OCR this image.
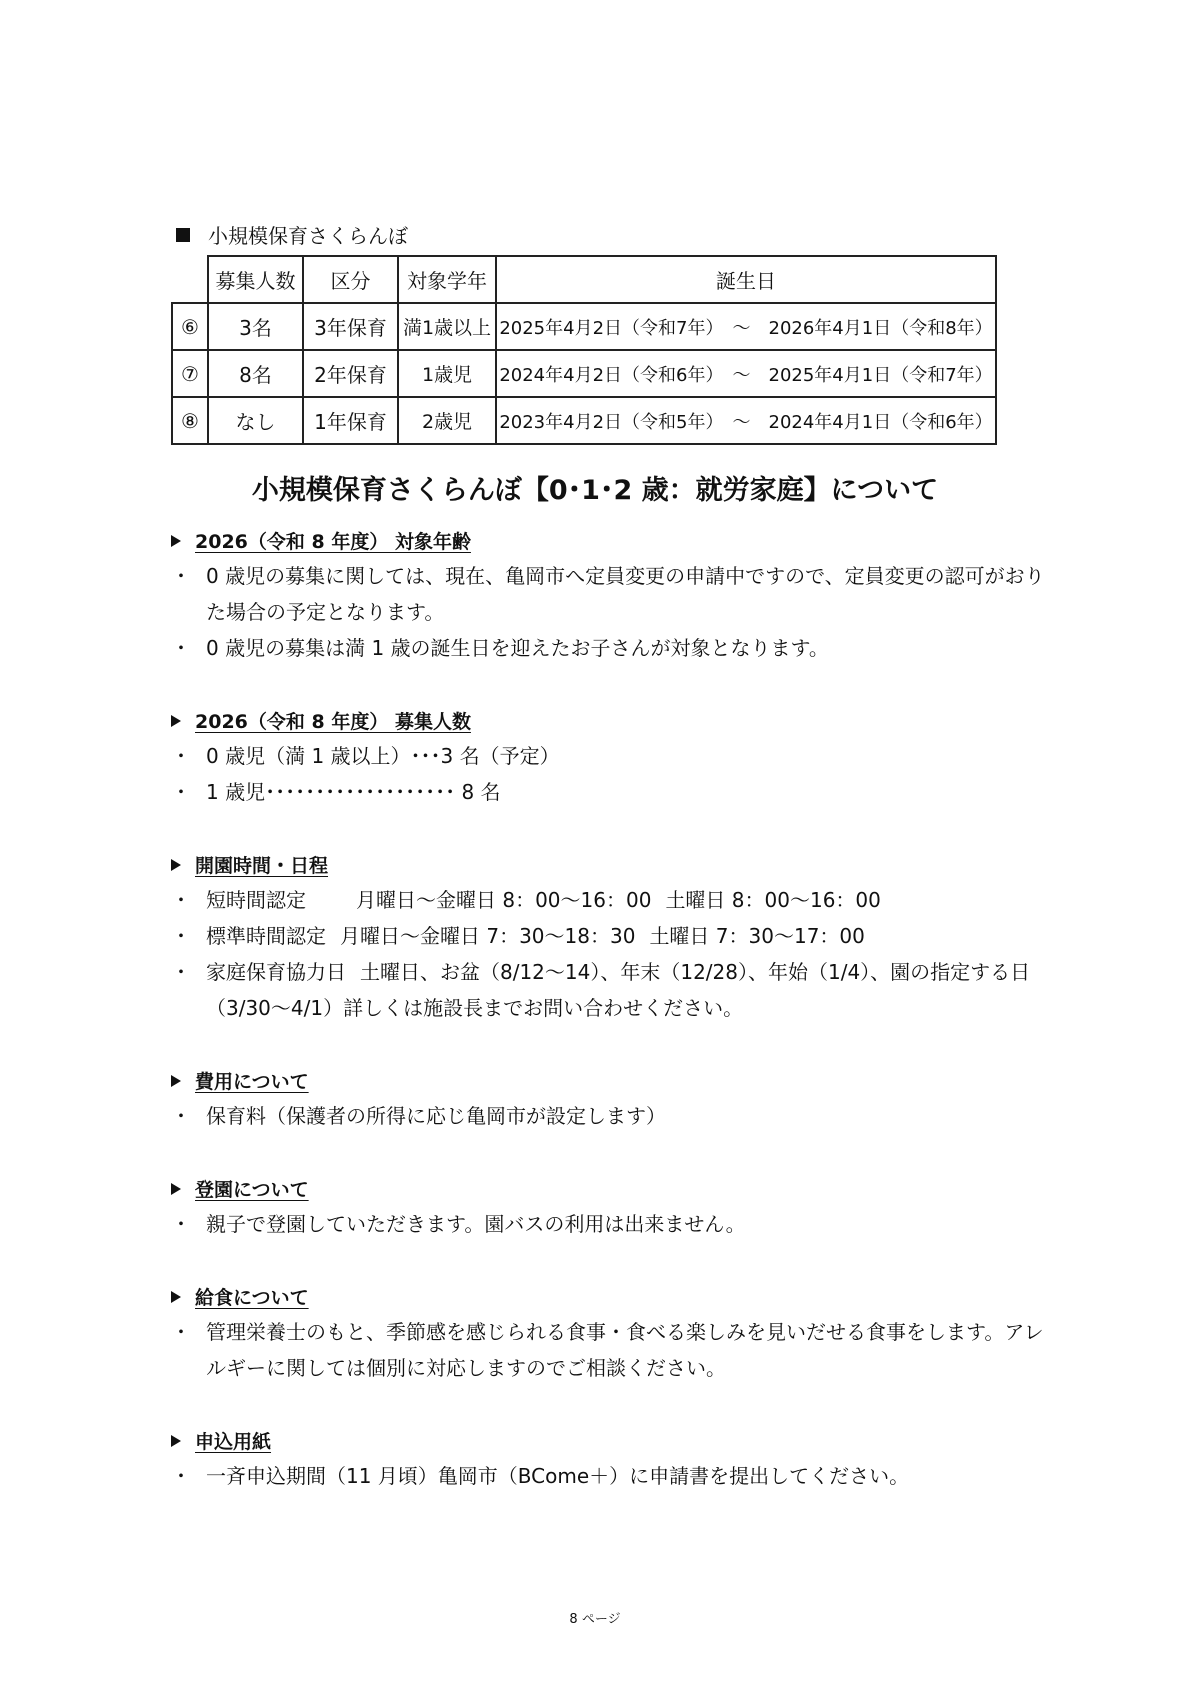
小規模保育さくらんぼ
	募集人数	区分	対象学年	誕生日
⑥	3名	3年保育	満1歳以上	2025年4月2日（令和7年）　～　2026年4月1日（令和8年）
⑦	8名	2年保育	1歳児	2024年4月2日（令和6年）　～　2025年4月1日（令和7年）
⑧	なし	1年保育	2歳児	2023年4月2日（令和5年）　～　2024年4月1日（令和6年）
小規模保育さくらんぼ【0･1･2 歳：就労家庭】について
2026（令和 8 年度） 対象年齢
・ 0 歳児の募集に関しては、現在、亀岡市へ定員変更の申請中ですので、定員変更の認可がおりた場合の予定となります。
・ 0 歳児の募集は満 1 歳の誕生日を迎えたお子さんが対象となります。
2026（令和 8 年度） 募集人数
・ 0 歳児（満 1 歳以上）･･･3 名（予定）
・ 1 歳児･･･････････････････ 8 名
開園時間・日程
・ 短時間認定	月曜日～金曜日 8：00～16：00 土曜日 8：00～16：00
・ 標準時間認定 月曜日～金曜日 7：30～18：30 土曜日 7：30～17：00
・ 家庭保育協力日 土曜日、お盆（8/12～14）、年末（12/28）、年始（1/4）、園の指定する日（3/30～4/1）詳しくは施設長までお問い合わせください。
費用について
・ 保育料（保護者の所得に応じ亀岡市が設定します）
登園について
・ 親子で登園していただきます。園バスの利用は出来ません。
給食について
・ 管理栄養士のもと、季節感を感じられる食事・食べる楽しみを見いだせる食事をします。アレルギーに関しては個別に対応しますのでご相談ください。
申込用紙
・ 一斉申込期間（11 月頃）亀岡市（BCome＋）に申請書を提出してください。
8 ページ
